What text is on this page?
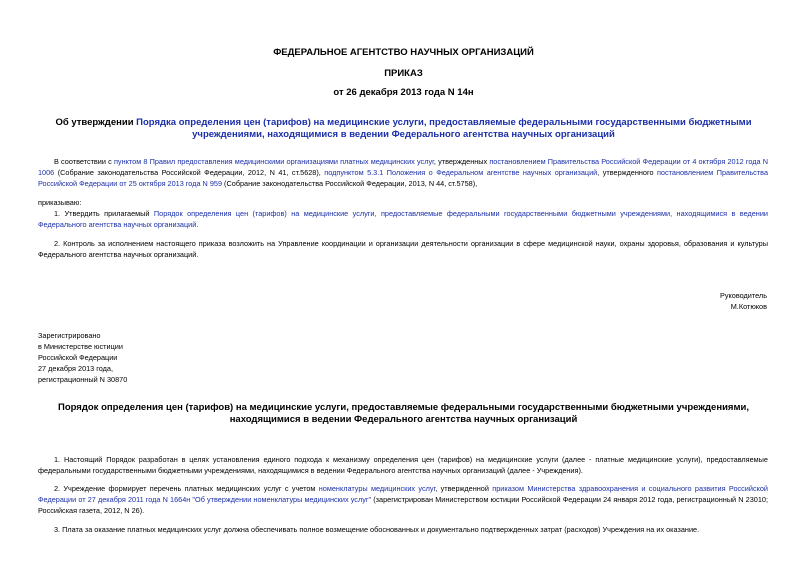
ФЕДЕРАЛЬНОЕ АГЕНТСТВО НАУЧНЫХ ОРГАНИЗАЦИЙ
ПРИКАЗ
от 26 декабря 2013 года N 14н
Об утверждении Порядка определения цен (тарифов) на медицинские услуги, предоставляемые федеральными государственными бюджетными учреждениями, находящимися в ведении Федерального агентства научных организаций
В соответствии с пунктом 8 Правил предоставления медицинскими организациями платных медицинских услуг, утвержденных постановлением Правительства Российской Федерации от 4 октября 2012 года N 1006 (Собрание законодательства Российской Федерации, 2012, N 41, ст.5628), подпунктом 5.3.1 Положения о Федеральном агентстве научных организаций, утвержденного постановлением Правительства Российской Федерации от 25 октября 2013 года N 959 (Собрание законодательства Российской Федерации, 2013, N 44, ст.5758),
приказываю:
1. Утвердить прилагаемый Порядок определения цен (тарифов) на медицинские услуги, предоставляемые федеральными государственными бюджетными учреждениями, находящимися в ведении Федерального агентства научных организаций.
2. Контроль за исполнением настоящего приказа возложить на Управление координации и организации деятельности организации в сфере медицинской науки, охраны здоровья, образования и культуры Федерального агентства научных организаций.
Руководитель
М.Котюков
Зарегистрировано
в Министерстве юстиции
Российской Федерации
27 декабря 2013 года,
регистрационный N 30870
Порядок определения цен (тарифов) на медицинские услуги, предоставляемые федеральными государственными бюджетными учреждениями, находящимися в ведении Федерального агентства научных организаций
1. Настоящий Порядок разработан в целях установления единого подхода к механизму определения цен (тарифов) на медицинские услуги (далее - платные медицинские услуги), предоставляемые федеральными государственными бюджетными учреждениями, находящимися в ведении Федерального агентства научных организаций (далее - Учреждения).
2. Учреждение формирует перечень платных медицинских услуг с учетом номенклатуры медицинских услуг, утвержденной приказом Министерства здравоохранения и социального развития Российской Федерации от 27 декабря 2011 года N 1664н "Об утверждении номенклатуры медицинских услуг" (зарегистрирован Министерством юстиции Российской Федерации 24 января 2012 года, регистрационный N 23010; Российская газета, 2012, N 26).
3. Плата за оказание платных медицинских услуг должна обеспечивать полное возмещение обоснованных и документально подтвержденных затрат (расходов) Учреждения на их оказание.
